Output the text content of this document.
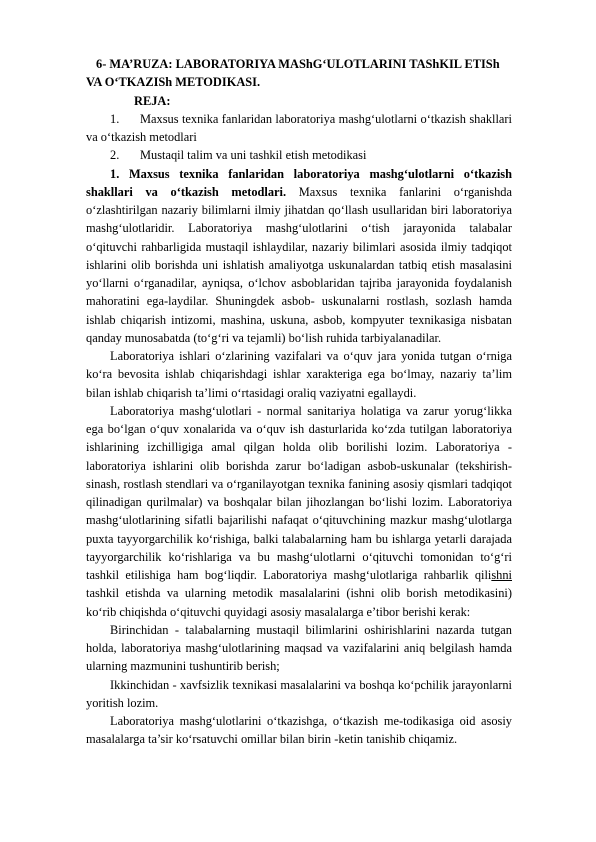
6- MA’RUZA: LABORATORIYA MAShG‘ULOTLARINI TAShKIL ETISh VA O‘TKAZISh METODIKASI.

REJA:

1. Maxsus texnika fanlaridan laboratoriya mashg‘ulotlarni o‘tkazish shakllari va o‘tkazish metodlari

2. Mustaqil talim va uni tashkil etish metodikasi

1. Maxsus texnika fanlaridan laboratoriya mashg‘ulotlarni o‘tkazish shakllari va o‘tkazish metodlari. Maxsus texnika fanlarini o‘rganishda o‘zlashtirilgan nazariy bilimlarni ilmiy jihatdan qo‘llash usullaridan biri laboratoriya mashg‘ulotlaridir. Laboratoriya mashg‘ulotlarini o‘tish jarayonida talabalar o‘qituvchi rahbarligida mustaqil ishlaydilar, nazariy bilimlari asosida ilmiy tadqiqot ishlarini olib borishda uni ishlatish amaliyotga uskunalardan tatbiq etish masalasini yo‘llarni o‘rganadilar, ayniqsa, o‘lchov asboblaridan tajriba jarayonida foydalanish mahoratini ega-laydilar. Shuningdek asbob- uskunalarni rostlash, sozlash hamda ishlab chiqarish intizomi, mashina, uskuna, asbob, kompyuter texnikasiga nisbatan qanday munosabatda (to‘g‘ri va tejamli) bo‘lish ruhida tarbiyalanadilar.

Laboratoriya ishlari o‘zlarining vazifalari va o‘quv jara yonida tutgan o‘rniga ko‘ra bevosita ishlab chiqarishdagi ishlar xarakteriga ega bo‘lmay, nazariy ta’lim bilan ishlab chiqarish ta’limi o‘rtasidagi oraliq vaziyatni egallaydi.

Laboratoriya mashg‘ulotlari - normal sanitariya holatiga va zarur yorug‘likka ega bo‘lgan o‘quv xonalarida va o‘quv ish dasturlarida ko‘zda tutilgan laboratoriya ishlarining izchilligiga amal qilgan holda olib borilishi lozim. Laboratoriya - laboratoriya ishlarini olib borishda zarur bo‘ladigan asbob-uskunalar (tekshirish-sinash, rostlash stendlari va o‘rganilayotgan texnika fanining asosiy qismlari tadqiqot qilinadigan qurilmalar) va boshqalar bilan jihozlangan bo‘lishi lozim. Laboratoriya mashg‘ulotlarining sifatli bajarilishi nafaqat o‘qituvchining mazkur mashg‘ulotlarga puxta tayyorgarchilik ko‘rishiga, balki talabalarning ham bu ishlarga yetarli darajada tayyorgarchilik ko‘rishlariga va bu mashg‘ulotlarni o‘qituvchi tomonidan to‘g‘ri tashkil etilishiga ham bog‘liqdir. Laboratoriya mashg‘ulotlariga rahbarlik qilishni tashkil etishda va ularning metodik masalalarini (ishni olib borish metodikasini) ko‘rib chiqishda o‘qituvchi quyidagi asosiy masalalarga e’tibor berishi kerak:

Birinchidan - talabalarning mustaqil bilimlarini oshirishlarini nazarda tutgan holda, laboratoriya mashg‘ulotlarining maqsad va vazifalarini aniq belgilash hamda ularning mazmunini tushuntirib berish;

Ikkinchidan - xavfsizlik texnikasi masalalarini va boshqa ko‘pchilik jarayonlarni yoritish lozim.

Laboratoriya mashg‘ulotlarini o‘tkazishga, o‘tkazish me-todikasiga oid asosiy masalalarga ta’sir ko‘rsatuvchi omillar bilan birin -ketin tanishib chiqamiz.
